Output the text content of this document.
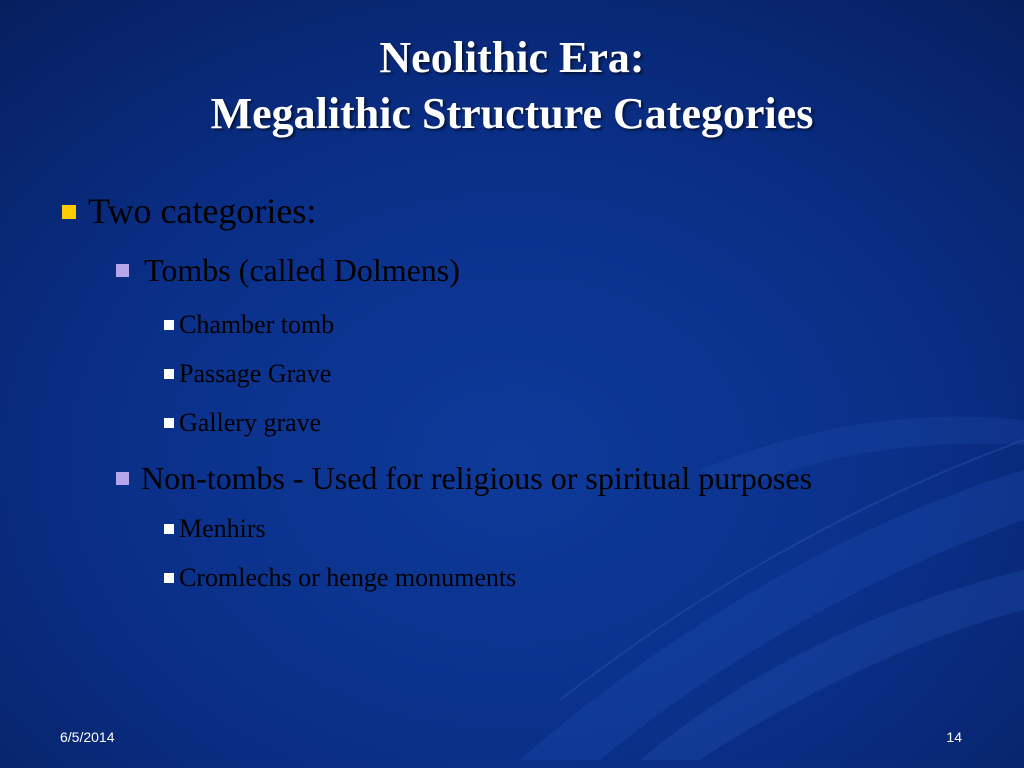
Neolithic Era:
Megalithic Structure Categories
Two categories:
Tombs (called Dolmens)
Chamber tomb
Passage Grave
Gallery grave
Non-tombs - Used for religious or spiritual purposes
Menhirs
Cromlechs or henge monuments
6/5/2014	14
